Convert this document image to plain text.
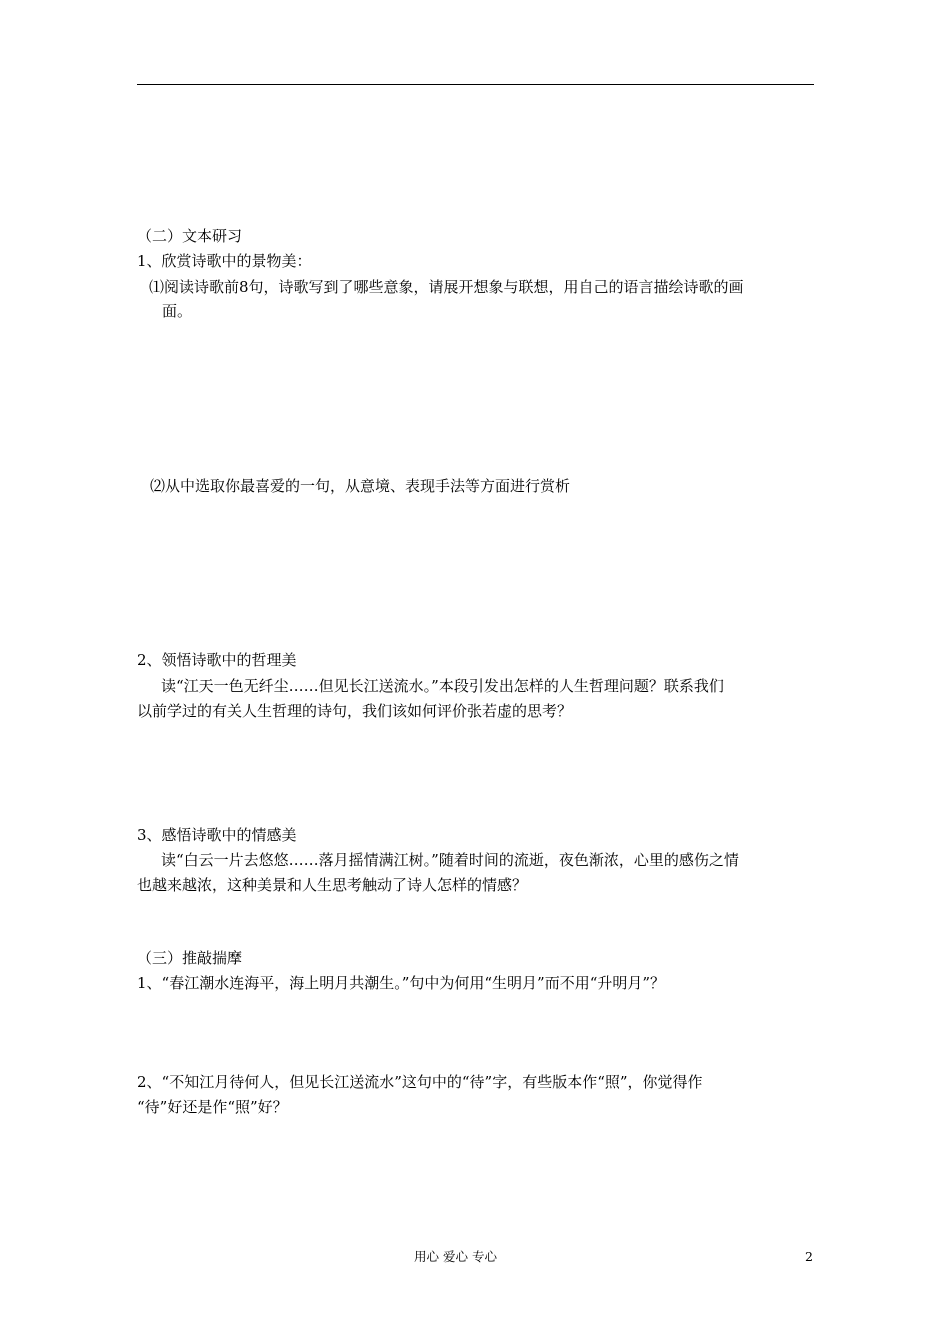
（二）文本研习
1、欣赏诗歌中的景物美：
⑴阅读诗歌前8句，诗歌写到了哪些意象，请展开想象与联想，用自己的语言描绘诗歌的画
面。
⑵从中选取你最喜爱的一句，从意境、表现手法等方面进行赏析
2、领悟诗歌中的哲理美
读“江天一色无纤尘……但见长江送流水。”本段引发出怎样的人生哲理问题？联系我们
以前学过的有关人生哲理的诗句，我们该如何评价张若虚的思考？
3、感悟诗歌中的情感美
读“白云一片去悠悠……落月摇情满江树。”随着时间的流逝，夜色渐浓，心里的感伤之情
也越来越浓，这种美景和人生思考触动了诗人怎样的情感？
（三）推敲揣摩
1、“春江潮水连海平，海上明月共潮生。”句中为何用“生明月”而不用“升明月”？
2、“不知江月待何人，但见长江送流水”这句中的“待”字，有些版本作“照”，你觉得作
“待”好还是作“照”好？
用心 爱心 专心	2
